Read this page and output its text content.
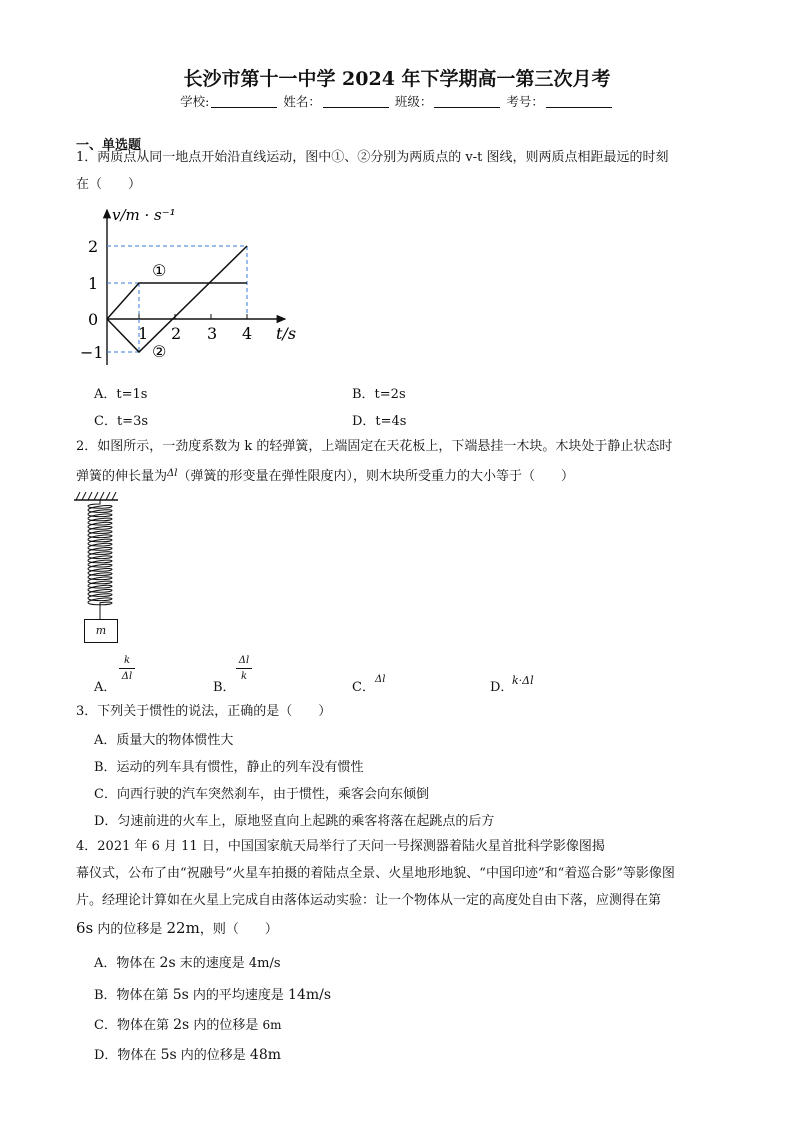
长沙市第十一中学 2024 年下学期高一第三次月考
学校:	姓名：	班级：	考号：
一、单选题
1．两质点从同一地点开始沿直线运动，图中①、②分别为两质点的 v-t 图线，则两质点相距最远的时刻
在（　　）
v/m · s⁻¹
t/s
2
1
0
−1
1 2 3 4
①
②
A．t=1s	B．t=2s
C．t=3s	D．t=4s
2．如图所示，一劲度系数为 k 的轻弹簧，上端固定在天花板上，下端悬挂一木块。木块处于静止状态时
弹簧的伸长量为$^{\Delta l}$（弹簧的形变量在弹性限度内），则木块所受重力的大小等于（　　）
m
A．
k
Δl
B．
Δl
k
C．
Δl
D．
k·Δl
3．下列关于惯性的说法，正确的是（　　）
A．质量大的物体惯性大
B．运动的列车具有惯性，静止的列车没有惯性
C．向西行驶的汽车突然刹车，由于惯性，乘客会向东倾倒
D．匀速前进的火车上，原地竖直向上起跳的乘客将落在起跳点的后方
4．2021 年 6 月 11 日，中国国家航天局举行了天问一号探测器着陆火星首批科学影像图揭
幕仪式，公布了由“祝融号”火星车拍摄的着陆点全景、火星地形地貌、“中国印迹”和“着巡合影”等影像图
片。经理论计算如在火星上完成自由落体运动实验：让一个物体从一定的高度处自由下落，应测得在第
6s 内的位移是 22m，则（　　）
A．物体在 2s 末的速度是 4m/s
B．物体在第 5s 内的平均速度是 14m/s
C．物体在第 2s 内的位移是 6m
D．物体在 5s 内的位移是 48m
